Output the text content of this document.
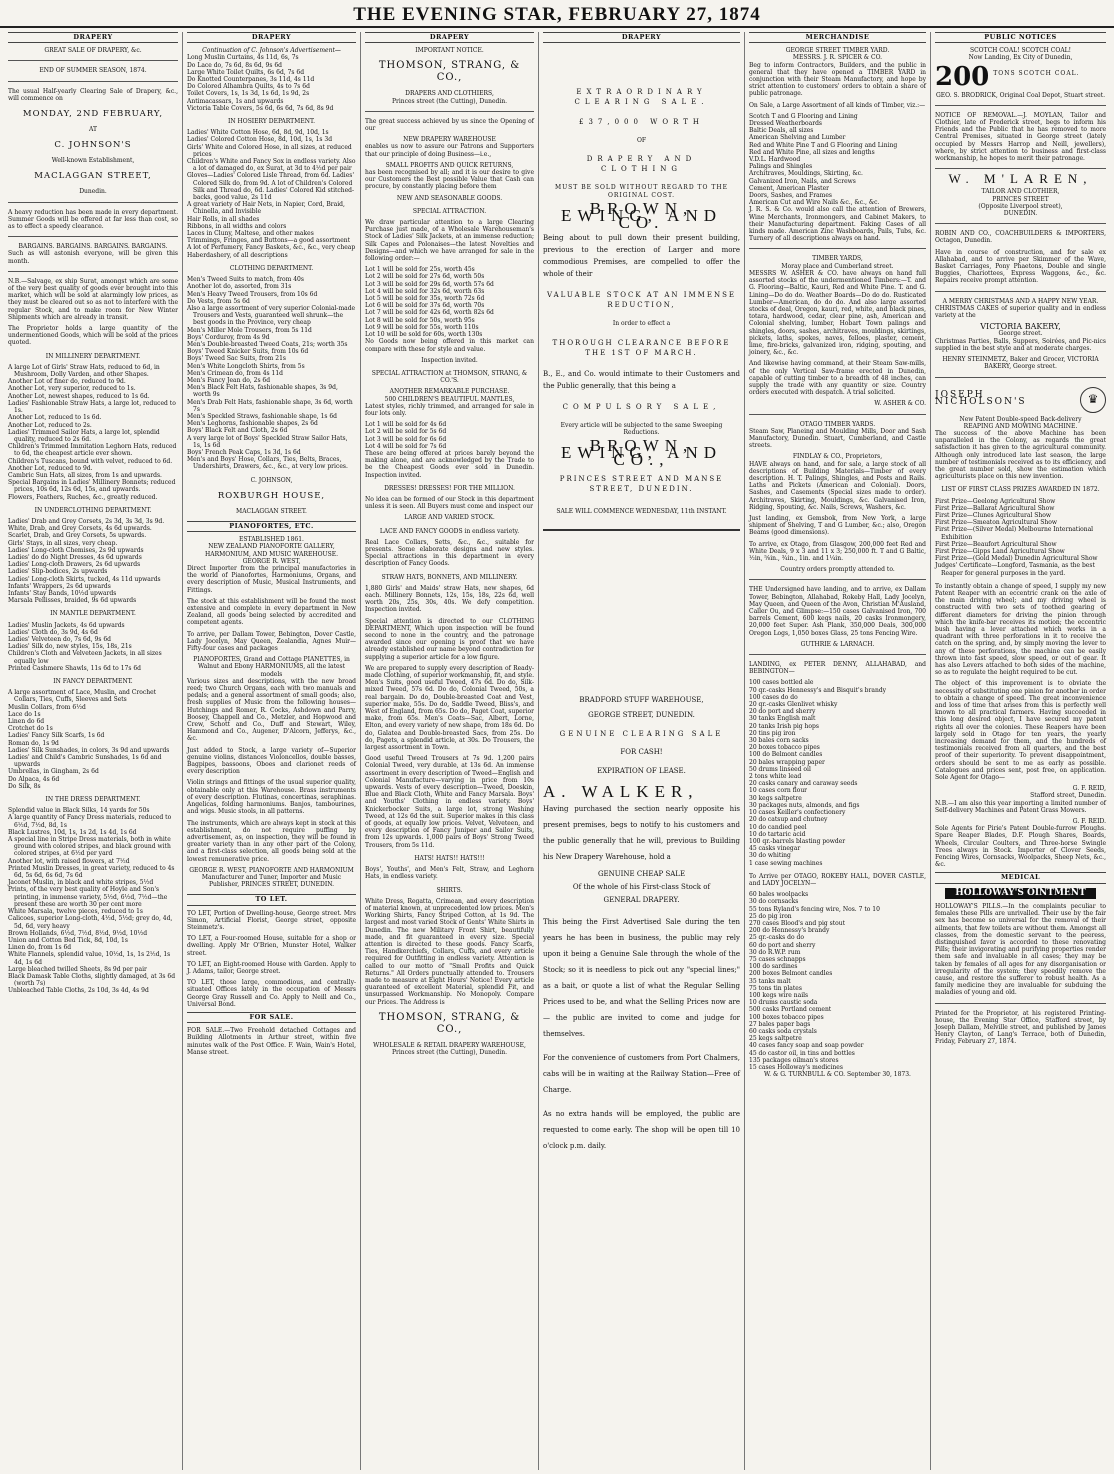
THE EVENING STAR, FEBRUARY 27, 1874
DRAPERY
GREAT SALE OF DRAPERY, &c.
END OF SUMMER SEASON, 1874.
The usual Half-yearly Clearing Sale of Drapery, &c., will commence on
MONDAY, 2ND FEBRUARY,
AT
C. JOHNSON'S
Well-known Establishment,
MACLAGGAN STREET,
Dunedin.
A heavy reduction has been made in every department. Summer Goods will be offered at far less than cost, so as to effect a speedy clearance.
BARGAINS. BARGAINS. BARGAINS. BARGAINS.
Such as will astonish everyone, will be given this month.
N.B.—Salvage, ex ship Surat, amongst which are some of the very best quality of goods ever brought into this market, which will be sold at alarmingly low prices, as they must be cleared out so as not to interfere with the regular Stock, and to make room for New Winter Shipments which are already in transit.
The Proprietor holds a large quantity of the undermentioned Goods, which will be sold at the prices quoted.
IN MILLINERY DEPARTMENT.
A large Lot of Girls' Straw Hats, reduced to 6d, in Mushroom, Dolly Varden, and other Shapes.
Another Lot of finer do, reduced to 9d.
Another Lot, very superior, reduced to 1s.
Another Lot, newest shapes, reduced to 1s 6d.
Ladies' Fashionable Straw Hats, a large lot, reduced to 1s.
Another Lot, reduced to 1s 6d.
Another Lot, reduced to 2s.
Ladies' Trimmed Sailor Hats, a large lot, splendid quality, reduced to 2s 6d.
Children's Trimmed Immitation Leghorn Hats, reduced to 6d, the cheapest article ever shown.
Children's Tuscans, bound with velvet, reduced to 6d.
Another Lot, reduced to 9d.
Cambric Sun Hats, all sizes, from 1s and upwards.
Special Bargains in Ladies' Millinery Bonnets; reduced prices, 10s 6d, 12s 6d, 15s, and upwards.
Flowers, Feathers, Ruches, &c., greatly reduced.
IN UNDERCLOTHING DEPARTMENT.
Ladies' Drab and Grey Corsets, 2s 3d, 3s 3d, 3s 9d.
White, Drab, and Grey Corsets, 4s 6d upwards.
Scarlet, Drab, and Grey Corsets, 5s upwards.
Girls' Stays, in all sizes, very cheap.
Ladies' Long-cloth Chemises, 2s 9d upwards
Ladies' do do Night Dresses, 4s 6d upwards
Ladies' Long-cloth Drawers, 2s 6d upwards
Ladies' Slip-bodices, 2s upwards
Ladies' Long-cloth Skirts, tucked, 4s 11d upwards
Infants' Wrappers, 2s 6d upwards
Infants' Stay Bands, 10½d upwards
Marsala Pellisses, braided, 9s 6d upwards
IN MANTLE DEPARTMENT.
Ladies' Muslin Jackets, 4s 6d upwards
Ladies' Cloth do, 3s 9d, 4s 6d
Ladies' Velveteen do, 7s 6d, 9s 6d
Ladies' Silk do, new styles, 15s, 18s, 21s
Children's Cloth and Velveteen Jackets, in all sizes equally low
Printed Cashmere Shawls, 11s 6d to 17s 6d
IN FANCY DEPARTMENT.
A large assortment of Lace, Muslin, and Crochet Collars, Ties, Cuffs, Sleeves and Sets
Muslin Collars, from 6½d
Lace do 1s
Linen do 6d
Crotchet do 1s
Ladies' Fancy Silk Scarfs, 1s 6d
Roman do, 1s 9d
Ladies' Silk Sunshades, in colors, 3s 9d and upwards
Ladies' and Child's Cambric Sunshades, 1s 6d and upwards
Umbrellas, in Gingham, 2s 6d
Do Alpaca, 4s 6d
Do Silk, 8s
IN THE DRESS DEPARTMENT.
Splendid value in Black Silks, 14 yards for 50s
A large quantity of Fancy Dress materials, reduced to 6½d, 7½d, 8d, 1s
Black Lustres, 10d, 1s, 1s 2d, 1s 4d, 1s 6d
A special line in Stripe Dress materials, both in white ground with colored stripes, and black ground with colored stripes, at 6½d per yard
Another lot, with raised flowers, at 7½d
Printed Muslin Dresses, in great variety, reduced to 4s 6d, 5s 6d, 6s 6d, 7s 6d
Jaconet Muslin, in black and white stripes, 5½d
Prints, of the very best quality of Hoyle and Son's printing, in immense variety, 5½d, 6½d, 7½d—the present these are worth 30 per cent more
White Marsala, twelve pieces, reduced to 1s
Calicoes, superior Long-cloth, 4½d, 5½d; grey do, 4d, 5d, 6d, very heavy
Brown Hollands, 6½d, 7½d, 8½d, 9½d, 10½d
Union and Cotton Bed Tick, 8d, 10d, 1s
Linen do, from 1s 6d
White Flannels, splendid value, 10½d, 1s, 1s 2½d, 1s 4d, 1s 6d
Large bleached twilled Sheets, 8s 9d per pair
Black Damask Table Cloths, slightly damaged, at 3s 6d (worth 7s)
Unbleached Table Cloths, 2s 10d, 3s 4d, 4s 9d
DRAPERY
Continuation of C. Johnson's Advertisement—
Long Muslin Curtains, 4s 11d, 6s, 7s
Do Lace do, 7s 6d, 8s 6d, 9s 6d
Large White Toilet Quilts, 6s 6d, 7s 6d
Do Knotted Counterpanes, 3s 11d, 4s 11d
Do Colored Alhambra Quilts, 4s to 7s 6d
Toilet Covers, 1s, 1s 3d, 1s 6d, 1s 9d, 2s
Antimacassars, 1s and upwards
Victoria Table Covers, 5s 6d, 6s 6d, 7s 6d, 8s 9d
IN HOSIERY DEPARTMENT.
Ladies' White Cotton Hose, 6d, 8d, 9d, 10d, 1s
Ladies' Colored Cotton Hose, 8d, 10d, 1s, 1s 3d
Girls' White and Colored Hose, in all sizes, at reduced prices
Children's White and Fancy Sox in endless variety. Also a lot of damaged do, ex Surat, at 3d to 4½d per pair
Gloves—Ladies' Colored Lisle Thread, from 6d. Ladies' Colored Silk do, from 9d. A lot of Children's Colored Silk and Thread do, 6d. Ladies' Colored Kid stitched-backs, good value, 2s 11d
A great variety of Hair Nets, in Napier, Cord, Braid, Chinella, and Invisible
Hair Rolls, in all shades
Ribbons, in all widths and colors
Laces in Cluny, Maltese, and other makes
Trimmings, Fringes, and Buttons—a good assortment
A lot of Perfumery, Fancy Baskets, &c., &c., very cheap
Haberdashery, of all descriptions
CLOTHING DEPARTMENT.
Men's Tweed Suits to match, from 40s
Another lot do, assorted, from 31s
Men's Heavy Tweed Trousers, from 10s 6d
Do Vests, from 5s 6d
Also a large assortment of very superior Colonial-made Trousers and Vests, guaranteed well shrunk—the best goods in the Province, very cheap
Men's Miller Mole Trousers, from 5s 11d
Boys' Corduroy, from 4s 9d
Men's Double-breasted Tweed Coats, 21s; worth 35s
Boys' Tweed Knicker Suits, from 10s 6d
Boys' Tweed Sac Suits, from 21s
Men's White Longcloth Shirts, from 5s
Men's Crimean do, from 4s 11d
Men's Fancy Jean do, 2s 6d
Men's Black Felt Hats, fashionable shapes, 3s 9d, worth 9s
Men's Drab Felt Hats, fashionable shape, 3s 6d, worth 7s
Men's Speckled Straws, fashionable shape, 1s 6d
Men's Leghorns, fashionable shapes, 2s 6d
Boys' Black Felt and Cloth, 2s 6d
A very large lot of Boys' Speckled Straw Sailor Hats, 1s, 1s 6d
Boys' French Peak Caps, 1s 3d, 1s 6d
Men's and Boys' Hose, Collars, Ties, Belts, Braces, Undershirts, Drawers, &c., &c., at very low prices.
C. JOHNSON,
ROXBURGH HOUSE,
MACLAGGAN STREET.
PIANOFORTES, ETC.
ESTABLISHED 1861.
NEW ZEALAND PIANOFORTE GALLERY, HARMONIUM, AND MUSIC WAREHOUSE.
GEORGE R. WEST,
Direct Importer from the principal manufactories in the world of Pianofortes, Harmoniums, Organs, and every description of Music, Musical Instruments, and Fittings.
The stock at this establishment will be found the most extensive and complete in every department in New Zealand, all goods being selected by accredited and competent agents.
To arrive, per Dallam Tower, Bebington, Dover Castle, Lady Jocelyn, May Queen, Zealandia, Agnes Muir—Fifty-four cases and packages
PIANOFORTES, Grand and Cottage PIANETTES, in Walnut and Ebony HARMONIUMS, all the latest models
Various sizes and descriptions, with the new broad reed; two Church Organs, each with two manuals and pedals; and a general assortment of small goods; also, fresh supplies of Music from the following houses—Hutchings and Romer, R. Cocks, Ashdown and Parry, Boosey, Chappell and Co., Metzler, and Hopwood and Crew, Schott and Co., Duff and Stewart, Wiley, Hammond and Co., Augener, D'Alcorn, Jefferys, &c., &c.
Just added to Stock, a large variety of—Superior genuine violins, distances Violoncellos, double basses, Bagpipes, bassoons, Oboes and clarionet reeds of every description
Violin strings and fittings of the usual superior quality, obtainable only at this Warehouse. Brass instruments of every description. Flutinas, concertinas, seraphinas. Angelicas, folding harmoniums. Banjos, tambourines, and wigs. Music stools, in all patterns.
The instruments, which are always kept in stock at this establishment, do not require puffing by advertisement, as, on inspection, they will be found in greater variety than in any other part of the Colony, and a first-class selection, all goods being sold at the lowest remunerative price.
GEORGE R. WEST, PIANOFORTE AND HARMONIUM Manufacturer and Tuner, Importer and Music Publisher, PRINCES STREET, DUNEDIN.
TO LET.
TO LET, Portion of Dwelling-house, George street. Mrs Simon, Artificial Florist, George street, opposite Steinmetz's.
TO LET, a Four-roomed House, suitable for a shop or dwelling. Apply Mr O'Brien, Munster Hotel, Walker street.
TO LET, an Eight-roomed House with Garden. Apply to J. Adams, tailor, George street.
TO LET, those large, commodious, and centrally-situated Offices lately in the occupation of Messrs George Gray Russell and Co. Apply to Neill and Co., Universal Bond.
FOR SALE.
FOR SALE.—Two Freehold detached Cottages and Building Allotments in Arthur street, within five minutes walk of the Post Office. F. Wain, Wain's Hotel, Manse street.
DRAPERY
IMPORTANT NOTICE.
THOMSON, STRANG, & CO.,
DRAPERS AND CLOTHIERS,
Princes street (the Cutting), Dunedin.
The great success achieved by us since the Opening of our
NEW DRAPERY WAREHOUSE
enables us now to assure our Patrons and Supporters that our principle of doing Business—i.e.,
SMALL PROFITS AND QUICK RETURNS,
has been recognised by all; and it is our desire to give our Customers the Best possible Value that Cash can procure, by constantly placing before them
NEW AND SEASONABLE GOODS.
SPECIAL ATTRACTION.
We draw particular attention to a large Clearing Purchase just made, of a Wholesale Warehouseman's Stock of Ladies' Silk Jackets, at an immense reduction; Silk Capes and Polonaises—the latest Novelties and Designs—and which we have arranged for sale in the following order:—
Lot 1 will be sold for 25s, worth 45s
Lot 2 will be sold for 27s 6d, worth 50s
Lot 3 will be sold for 29s 6d, worth 57s 6d
Lot 4 will be sold for 32s 6d, worth 63s
Lot 5 will be sold for 35s, worth 72s 6d
Lot 6 will be sold for 37s 6d, worth 70s
Lot 7 will be sold for 42s 6d, worth 82s 6d
Lot 8 will be sold for 50s, worth 95s
Lot 9 will be sold for 55s, worth 110s
Lot 10 will be sold for 60s, worth 130s
No Goods now being offered in this market can compare with these for style and value.
Inspection invited.
SPECIAL ATTRACTION at THOMSON, STRANG, & CO.'S.
ANOTHER REMARKABLE PURCHASE.
500 CHILDREN'S BEAUTIFUL MANTLES,
Latest styles, richly trimmed, and arranged for sale in four lots only.
Lot 1 will be sold for 4s 6d
Lot 2 will be sold for 5s 6d
Lot 3 will be sold for 6s 6d
Lot 4 will be sold for 7s 6d
These are being offered at prices barely beyond the making alone, and are acknowledged by the Trade to be the Cheapest Goods ever sold in Dunedin. Inspection invited.
DRESSES! DRESSES! FOR THE MILLION.
No idea can be formed of our Stock in this department unless it is seen. All Buyers must come and inspect our
LARGE AND VARIED STOCK.
LACE AND FANCY GOODS in endless variety.
Real Lace Collars, Setts, &c., &c., suitable for presents. Some elaborate designs and new styles. Special attractions in this department in every description of Fancy Goods.
STRAW HATS, BONNETS, AND MILLINERY.
1,880 Girls' and Maids' straw Hats, new shapes, 6d each. Millinery Bonnets, 12s, 15s, 18s, 22s 6d, well worth 20s, 25s, 30s, 40s. We defy competition. Inspection invited.
Special attention is directed to our CLOTHING DEPARTMENT, Which upon inspection will be found second to none in the country, and the patronage awarded since our opening is proof that we have already established our name beyond contradiction for supplying a superior article for a low figure.
We are prepared to supply every description of Ready-made Clothing, of superior workmanship, fit, and style. Men's Suits, good useful Tweed, 47s 6d. Do do, Silk-mixed Tweed, 57s 6d. Do do, Colonial Tweed, 50s, a real bargain. Do do, Double-breasted Coat and Vest, superior make, 55s. Do do, Saddle Tweed, Bliss's, and West of England, from 65s. Do do, Paget Coat, superior make, from 65s. Men's Coats—Sac, Albert, Lorne, Elton, and every variety of new shape, from 18s 6d. Do do, Galatea and Double-breasted Sacs, from 25s. Do do, Pagets, a splendid article, at 30s. Do Trousers, the largest assortment in Town.
Good useful Tweed Trousers at 7s 9d. 1,200 pairs Colonial Tweed, very durable, at 13s 6d. An immense assortment in every description of Tweed—English and Colonial Manufacture—varying in price from 10s upwards. Vests of every description—Tweed, Doeskin, Blue and Black Cloth, White and Fancy Marsala. Boys' and Youths' Clothing in endless variety. Boys' Knickerbocker Suits, a large lot, strong Washing Tweed, at 12s 6d the suit. Superior makes in this class of goods, at equally low prices. Velvet, Velveteen, and every description of Fancy Juniper and Sailor Suits, from 12s upwards. 1,000 pairs of Boys' Strong Tweed Trousers, from 5s 11d.
HATS! HATS!! HATS!!!
Boys', Youths', and Men's Felt, Straw, and Leghorn Hats, in endless variety.
SHIRTS.
White Dress, Regatta, Crimean, and every description of material known, at unprecedented low prices. Men's Working Shirts, Fancy Striped Cotton, at 1s 9d. The largest and most varied Stock of Gents' White Shirts in Dunedin. The new Military Front Shirt, beautifully made, and fit guaranteed in every size. Special attention is directed to these goods. Fancy Scarfs, Ties, Handkerchiefs, Collars, Cuffs, and every article required for Outfitting in endless variety. Attention is called to our motto of "Small Profits and Quick Returns." All Orders punctually attended to. Trousers made to measure at Eight Hours' Notice! Every article guaranteed of excellent Material, splendid Fit, and unsurpassed Workmanship. No Monopoly. Compare our Prices. The Address is
THOMSON, STRANG, & CO.,
WHOLESALE & RETAIL DRAPERY WAREHOUSE,
Princes street (the Cutting), Dunedin.
DRAPERY
EXTRAORDINARY CLEARING SALE.
£37,000 WORTH
OF
DRAPERY AND CLOTHING
MUST BE SOLD WITHOUT REGARD TO THE ORIGINAL COST.
BROWN, EWING, AND CO.
Being about to pull down their present building, previous to the erection of Larger and more commodious Premises, are compelled to offer the whole of their
VALUABLE STOCK AT AN IMMENSE REDUCTION,
In order to effect a
THOROUGH CLEARANCE BEFORE THE 1ST OF MARCH.
B., E., and Co. would intimate to their Customers and the Public generally, that this being a
COMPULSORY SALE,
Every article will be subjected to the same Sweeping Reductions.
BROWN, EWING, AND CO.,
PRINCES STREET AND MANSE STREET, DUNEDIN.
SALE WILL COMMENCE WEDNESDAY, 11th INSTANT.
BRADFORD STUFF WAREHOUSE,
GEORGE STREET, DUNEDIN.
GENUINE CLEARING SALE
FOR CASH!
EXPIRATION OF LEASE.
A. WALKER,
Having purchased the section nearly opposite his present premises, begs to notify to his customers and the public generally that he will, previous to Building his New Drapery Warehouse, hold a
GENUINE CHEAP SALE
Of the whole of his First-class Stock of
GENERAL DRAPERY.
This being the First Advertised Sale during the ten years he has been in business, the public may rely upon it being a Genuine Sale through the whole of the Stock; so it is needless to pick out any "special lines;" as a bait, or quote a list of what the Regular Selling Prices used to be, and what the Selling Prices now are — the public are invited to come and judge for themselves.
For the convenience of customers from Port Chalmers, cabs will be in waiting at the Railway Station—Free of Charge.
As no extra hands will be employed, the public are requested to come early. The shop will be open till 10 o'clock p.m. daily.
MERCHANDISE
GEORGE STREET TIMBER YARD.
MESSRS. J. R. SPICER & CO.
Beg to inform Contractors, Builders, and the public in general that they have opened a TIMBER YARD in conjunction with their Steam Manufactory, and hope by strict attention to customers' orders to obtain a share of public patronage.
On Sale, a Large Assortment of all kinds of Timber, viz.:—
Scotch T and G Flooring and Lining
Dressed Weatherboards
Baltic Deals, all sizes
American Shelving and Lumber
Red and White Pine T and G Flooring and Lining
Red and White Pine, all sizes and lengths
V.D.L. Hardwood
Palings and Shingles
Architraves, Mouldings, Skirting, &c.
Galvanized Iron, Nails, and Screws
Cement, American Plaster
Doors, Sashes, and Frames
American Cut and Wire Nails &c., &c., &c.
J. R. S. & Co. would also call the attention of Brewers, Wine Merchants, Ironmongers, and Cabinet Makers, to their Manufacturing department. Faking Cases of all kinds made. American Zinc Washboards, Pails, Tubs, &c. Turnery of all descriptions always on hand.
TIMBER YARDS,
Moray place and Cumberland street.
MESSRS W. ASHER & CO. have always on hand full assorted stocks of the undermentioned Timbers:—T. and G. Flooring—Baltic, Kauri, Red and White Pine. T. and G. Lining—Do do do. Weather Boards—Do do do. Rusticated Lumber—American, do do do. And also large assorted stocks of deal, Oregon, kauri, red, white, and black pines, totara, hardwood, cedar, clear pine, ash, American and Colonial shelving, lumber, Hobart Town palings and shingles, doors, sashes, architraves, mouldings, skirtings, pickets, laths, spokes, naves, felloes, plaster, cement, lime, fire-bricks, galvanized iron, ridging, spouting, and joinery, &c., &c.
And likewise having command, at their Steam Saw-mills, of the only Vertical Saw-frame erected in Dunedin, capable of cutting timber to a breadth of 48 inches, can supply the trade with any quantity or size. Country orders executed with despatch. A trial solicited.
W. ASHER & CO.
OTAGO TIMBER YARDS.
Steam Saw, Planeing and Moulding Mills, Door and Sash Manufactory, Dunedin. Stuart, Cumberland, and Castle streets.
FINDLAY & CO., Proprietors,
HAVE always on hand, and for sale, a large stock of all descriptions of Building Materials—Timber of every description. H. T. Palings, Shingles, and Posts and Rails. Laths and Pickets (American and Colonial). Doors, Sashes, and Casements (Special sizes made to order). Architraves, Skirting, Mouldings, &c. Galvanised Iron, Ridging, Spouting, &c. Nails, Screws, Washers, &c.
Just landing, ex Gemsbok, from New York, a large shipment of Shelving, T and G Lumber, &c.; also, Oregon Beams (good dimensions).
To arrive, ex Otago, from Glasgow, 200,000 feet Red and White Deals, 9 x 3 and 11 x 3; 250,000 ft. T and G Baltic, ½in, ⅝in., ¾in., 1in. and 1¼in.
Country orders promptly attended to.
THE Undersigned have landing, and to arrive, ex Dallam Tower, Bebington, Allahabad, Rokeby Hall, Lady Jocelyn, May Queen, and Queen of the Avon, Christian M'Ausland, Caller Ou, and Glimpse:—150 cases Galvanised Iron, 700 barrels Cement, 600 kegs nails, 20 casks Ironmongery, 20,000 feet Super. Ash Plank, 350,000 Deals, 300,000 Oregon Logs, 1,050 boxes Glass, 25 tons Fencing Wire.
GUTHRIE & LARNACH.
LANDING, ex PETER DENNY, ALLAHABAD, and BEBINGTON—
100 cases bottled ale
70 qr.-casks Hennessy's and Bisquit's brandy
100 cases do do
20 qr.-casks Glenlivet whisky
20 do port and sherry
30 tanks English malt
20 tanks Irish pig hops
20 tins pig iron
30 bales corn sacks
20 boxes tobacco pipes
100 do Belmont candles
20 bales wrapping paper
50 drums linseed oil
2 tons white lead
20 casks canary and caraway seeds
10 cases corn flour
30 kegs saltpetre
30 packages nuts, almonds, and figs
10 cases Keiller's confectionery
20 do catsup and chutney
10 do candied peel
10 do tartaric acid
100 qr.-barrels blasting powder
45 casks vinegar
30 do whiting
1 case sewing machines
To Arrive per OTAGO, ROKEBY HALL, DOVER CASTLE, and LADY JOCELYN—
60 bales woolpacks
30 do cornsacks
55 tons Ryland's fencing wire, Nos. 7 to 10
25 do pig iron
270 cases Blood's and pig stout
200 do Hennessy's brandy
25 qr.-casks do do
60 do port and sherry
30 do R.W.P. rum
75 cases schnapps
100 do sardines
200 boxes Belmont candles
35 tanks malt
75 tons tin plates
100 kegs wire nails
10 drums caustic soda
500 casks Portland cement
100 boxes tobacco pipes
27 bales paper bags
60 casks soda crystals
25 kegs saltpetre
40 cases fancy soap and soap powder
45 do castor oil, in tins and bottles
135 packages oilman's stores
15 cases Holloway's medicines
W. & G. TURNBULL & CO. September 30, 1873.
PUBLIC NOTICES
SCOTCH COAL! SCOTCH COAL!
Now Landing, Ex City of Dunedin,
200 TONS SCOTCH COAL.
GEO. S. BRODRICK, Original Coal Depot, Stuart street.
NOTICE OF REMOVAL.—J. MOYLAN, Tailor and Clothier, late of Frederick street, begs to inform his Friends and the Public that he has removed to more Central Premises, situated in George street (lately occupied by Messrs Harrop and Neill, jewellers), where, by strict attention to business and first-class workmanship, he hopes to merit their patronage.
W. M'LAREN,
TAILOR AND CLOTHIER,
PRINCES STREET
(Opposite Liverpool street),
DUNEDIN.
ROBIN AND CO., COACHBUILDERS & IMPORTERS, Octagon, Dunedin.
Have in course of construction, and for sale ex Allahabad, and to arrive per Skimmer of the Wave, Basket Carriages, Pony Phaetons, Double and single Buggies, Chariottees, Express Waggons, &c., &c. Repairs receive prompt attention.
A MERRY CHRISTMAS AND A HAPPY NEW YEAR.
CHRISTMAS CAKES of superior quality and in endless variety at the
VICTORIA BAKERY,
George street.
Christmas Parties, Balls, Suppers, Soirées, and Pic-nics supplied in the best style and at moderate charges.
HENRY STEINMETZ, Baker and Grocer, VICTORIA BAKERY, George street.
♛
JOSEPH NICHOLSON'S
New Patent Double-speed Back-delivery
REAPING AND MOWING MACHINE.
The success of the above Machine has been unparalleled in the Colony, as regards the great satisfaction it has given to the agricultural community. Although only introduced late last season, the large number of testimonials received as to its efficiency, and the great number sold, show the estimation which agriculturists place on this new invention.
LIST OF FIRST CLASS PRIZES AWARDED IN 1872.
First Prize—Geelong Agricultural Show
First Prize—Ballarat Agricultural Show
First Prize—Clunes Agricultural Show
First Prize—Smeaton Agricultural Show
First Prize—(Silver Medal) Melbourne International Exhibition
First Prize—Beaufort Agricultural Show
First Prize—Gipps Land Agricultural Show
First Prize—(Gold Medal) Dunedin Agricultural Show
Judges' Certificate—Longford, Tasmania, as the best Reaper for general purposes in the yard.
To instantly obtain a change of speed, I supply my new Patent Reaper with an eccentric crank on the axle of the main driving wheel; and my driving wheel is constructed with two sets of toothed gearing of different diameters for driving the pinion through which the knife-bar receives its motion; the eccentric bush having a lever attached which works in a quadrant with three perforations in it to receive the catch on the spring, and, by simply moving the lever to any of these perforations, the machine can be easily thrown into fast speed, slow speed, or out of gear. It has also Levers attached to both sides of the machine, so as to regulate the height required to be cut.
The object of this improvement is to obviate the necessity of substituting one pinion for another in order to obtain a change of speed. The great inconvenience and loss of time that arises from this is perfectly well known to all practical farmers. Having succeeded in this long desired object, I have secured my patent rights all over the colonies. These Reapers have been largely sold in Otago for ten years, the yearly increasing demand for them, and the hundreds of testimonials received from all quarters, and the best proof of their superiority. To prevent disappointment, orders should be sent to me as early as possible. Catalogues and prices sent, post free, on application. Sole Agent for Otago—
G. F. REID,
Stafford street, Dunedin.
N.B.—I am also this year importing a limited number of Self-delivery Machines and Patent Grass Mowers.
G. F. REID.
Sole Agents for Pirie's Patent Double-furrow Ploughs. Spare Reaper Blades, D.F. Plough Shares, Boards, Wheels, Circular Coulters, and Three-horse Swingle Trees always in Stock. Importer of Clover Seeds, Fencing Wires, Cornsacks, Woolpacks, Sheep Nets, &c., &c.
MEDICAL
HOLLOWAY'S OINTMENT
HOLLOWAY'S PILLS.—In the complaints peculiar to females these Pills are unrivalled. Their use by the fair sex has become so universal for the removal of their ailments, that few toilets are without them. Amongst all classes, from the domestic servant to the peeress, distinguished favor is accorded to these renovating Pills; their invigorating and purifying properties render them safe and invaluable in all cases; they may be taken by females of all ages for any disorganisation or irregularity of the system; they speedily remove the cause, and restore the sufferer to robust health. As a family medicine they are invaluable for subduing the maladies of young and old.
Printed for the Proprietor, at his registered Printing-house, the Evening Star Office, Stafford street, by Joseph Dallam, Melville street, and published by James Henry Clayton, of Lang's Terrace, both of Dunedin, Friday, February 27, 1874.
